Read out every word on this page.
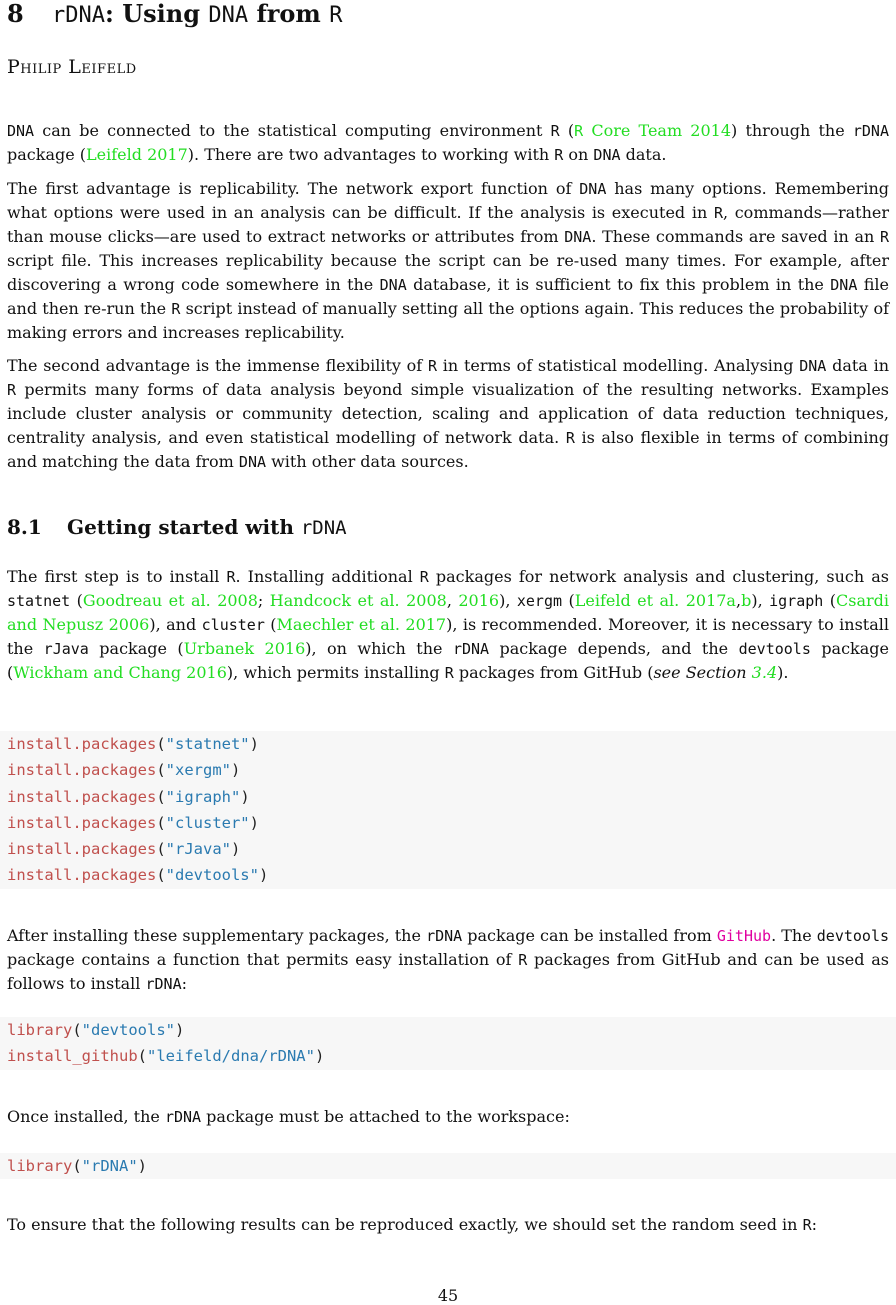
8 rDNA: Using DNA from R
Philip Leifeld

DNA can be connected to the statistical computing environment R (R Core Team 2014) through the rDNA package (Leifeld 2017). There are two advantages to working with R on DNA data.

The first advantage is replicability. The network export function of DNA has many options. Remembering what options were used in an analysis can be difficult. If the analysis is executed in R, commands—rather than mouse clicks—are used to extract networks or attributes from DNA. These commands are saved in an R script file. This increases replicability because the script can be re-used many times. For example, after discovering a wrong code somewhere in the DNA database, it is sufficient to fix this problem in the DNA file and then re-run the R script instead of manually setting all the options again. This reduces the probability of making errors and increases replicability.

The second advantage is the immense flexibility of R in terms of statistical modelling. Analysing DNA data in R permits many forms of data analysis beyond simple visualization of the resulting networks. Examples include cluster analysis or community detection, scaling and application of data reduction techniques, centrality analysis, and even statistical modelling of network data. R is also flexible in terms of combining and matching the data from DNA with other data sources.

8.1 Getting started with rDNA

The first step is to install R. Installing additional R packages for network analysis and clustering, such as statnet (Goodreau et al. 2008; Handcock et al. 2008, 2016), xergm (Leifeld et al. 2017a,b), igraph (Csardi and Nepusz 2006), and cluster (Maechler et al. 2017), is recommended. Moreover, it is necessary to install the rJava package (Urbanek 2016), on which the rDNA package depends, and the devtools package (Wickham and Chang 2016), which permits installing R packages from GitHub (see Section 3.4).

install.packages("statnet")
install.packages("xergm")
install.packages("igraph")
install.packages("cluster")
install.packages("rJava")
install.packages("devtools")

After installing these supplementary packages, the rDNA package can be installed from GitHub. The devtools package contains a function that permits easy installation of R packages from GitHub and can be used as follows to install rDNA:

library("devtools")
install_github("leifeld/dna/rDNA")

Once installed, the rDNA package must be attached to the workspace:

library("rDNA")

To ensure that the following results can be reproduced exactly, we should set the random seed in R:

45
